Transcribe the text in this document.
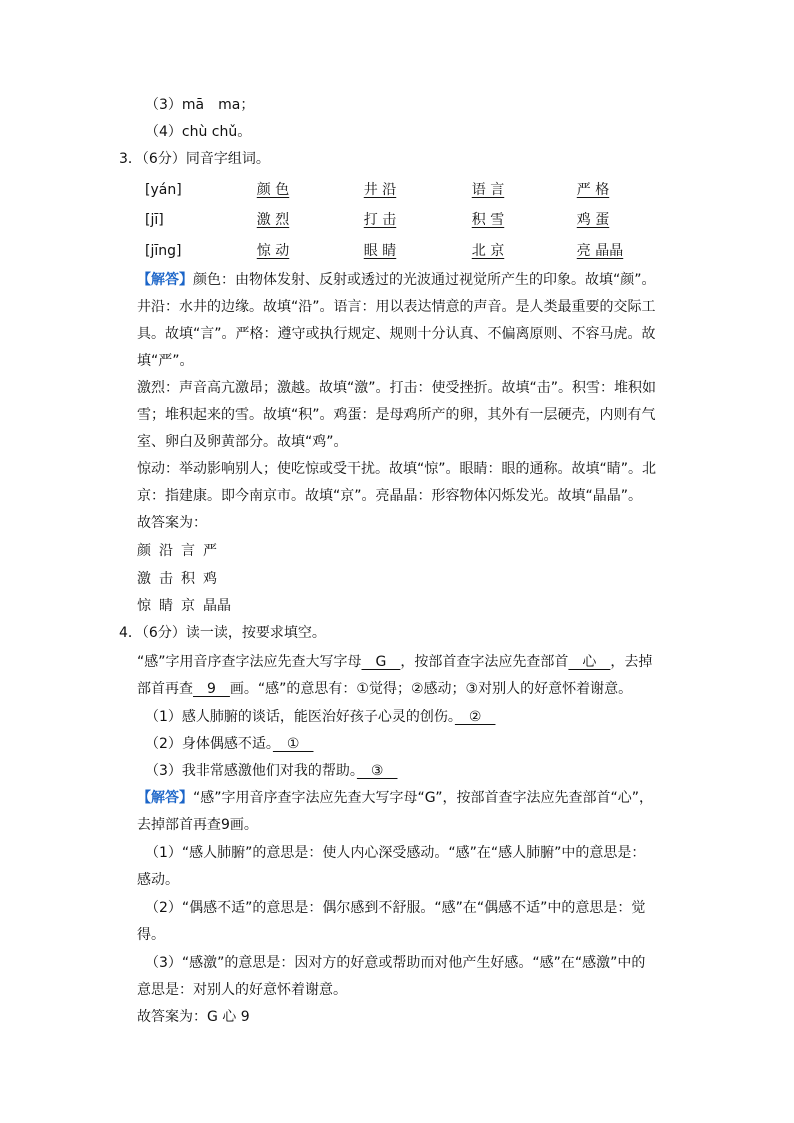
（3）mā　ma；
（4）chù chǔ。
3．（6分）同音字组词。
[yán]	颜 色	井 沿	语 言	严 格
[jī]	激 烈	打 击	积 雪	鸡 蛋
[jīng]	惊 动	眼 睛	北 京	亮 晶晶
【解答】颜色：由物体发射、反射或透过的光波通过视觉所产生的印象。故填“颜”。
井沿：水井的边缘。故填“沿”。语言：用以表达情意的声音。是人类最重要的交际工
具。故填“言”。严格：遵守或执行规定、规则十分认真、不偏离原则、不容马虎。故
填“严”。
激烈：声音高亢激昂；激越。故填“激”。打击：使受挫折。故填“击”。积雪：堆积如
雪；堆积起来的雪。故填“积”。鸡蛋：是母鸡所产的卵，其外有一层硬壳，内则有气
室、卵白及卵黄部分。故填“鸡”。
惊动：举动影响别人；使吃惊或受干扰。故填“惊”。眼睛：眼的通称。故填“睛”。北
京：指建康。即今南京市。故填“京”。亮晶晶：形容物体闪烁发光。故填“晶晶”。
故答案为：
颜 沿 言 严
激 击 积 鸡
惊 睛 京 晶晶
4．（6分）读一读，按要求填空。
“感”字用音序查字法应先查大写字母　G　，按部首查字法应先查部首　心　，去掉
部首再查　9　画。“感”的意思有：①觉得；②感动；③对别人的好意怀着谢意。
（1）感人肺腑的谈话，能医治好孩子心灵的创伤。　②　
（2）身体偶感不适。　①　
（3）我非常感激他们对我的帮助。　③　
【解答】“感”字用音序查字法应先查大写字母“G”，按部首查字法应先查部首“心”，
去掉部首再查9画。
（1）“感人肺腑”的意思是：使人内心深受感动。“感”在“感人肺腑”中的意思是：
感动。
（2）“偶感不适”的意思是：偶尔感到不舒服。“感”在“偶感不适”中的意思是：觉
得。
（3）“感激”的意思是：因对方的好意或帮助而对他产生好感。“感”在“感激”中的
意思是：对别人的好意怀着谢意。
故答案为：G 心 9
